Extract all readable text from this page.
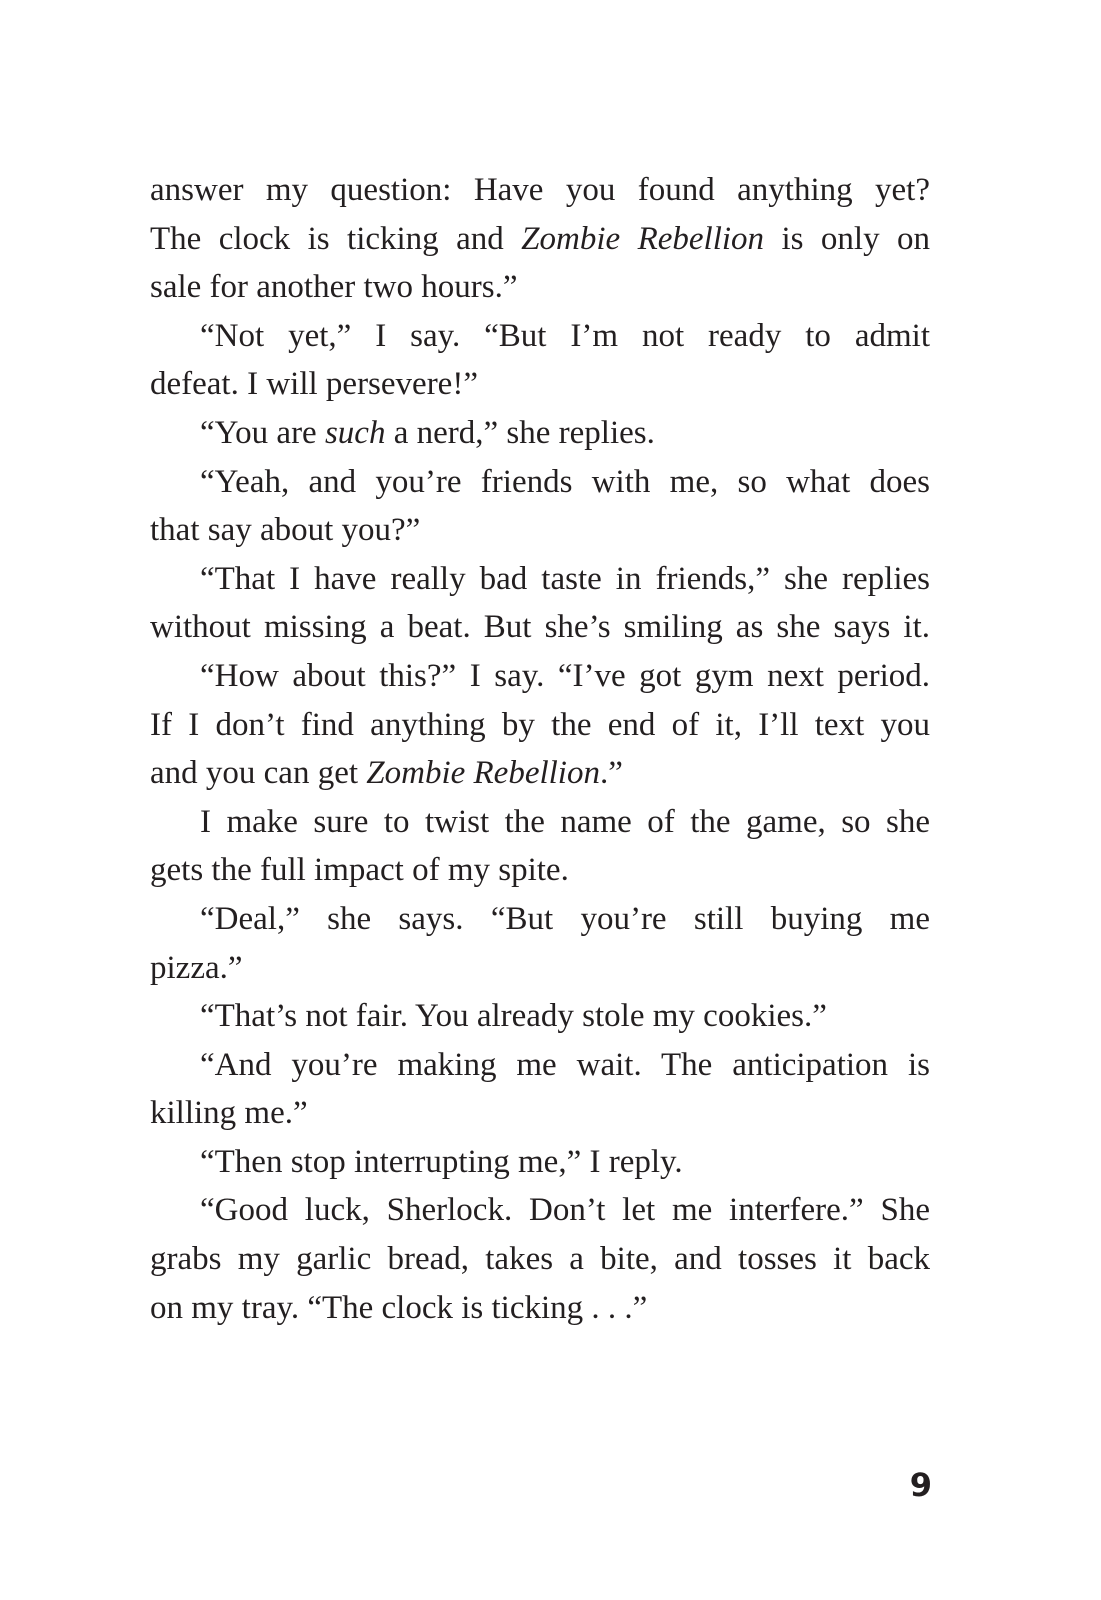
answer my question: Have you found anything yet?
The clock is ticking and Zombie Rebellion is only on
sale for another two hours.”
“Not yet,” I say. “But I’m not ready to admit
defeat. I will persevere!”
“You are such a nerd,” she replies.
“Yeah, and you’re friends with me, so what does
that say about you?”
“That I have really bad taste in friends,” she replies
without missing a beat. But she’s smiling as she says it.
“How about this?” I say. “I’ve got gym next period.
If I don’t find anything by the end of it, I’ll text you
and you can get Zombie Rebellion.”
I make sure to twist the name of the game, so she
gets the full impact of my spite.
“Deal,” she says. “But you’re still buying me
pizza.”
“That’s not fair. You already stole my cookies.”
“And you’re making me wait. The anticipation is
killing me.”
“Then stop interrupting me,” I reply.
“Good luck, Sherlock. Don’t let me interfere.” She
grabs my garlic bread, takes a bite, and tosses it back
on my tray. “The clock is ticking . . .”
9
